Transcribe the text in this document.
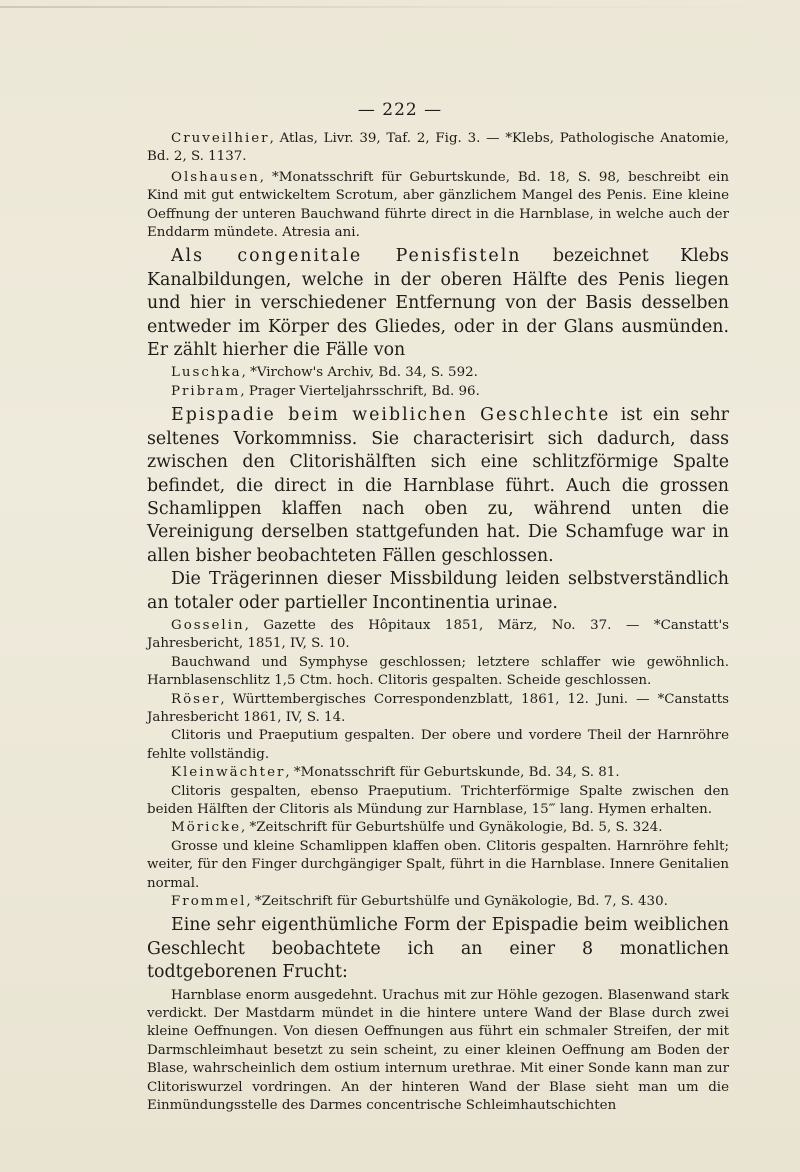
— 222 —

Cruveilhier, Atlas, Livr. 39, Taf. 2, Fig. 3. — *Klebs, Pathologische Anatomie, Bd. 2, S. 1137.

Olshausen, *Monatsschrift für Geburtskunde, Bd. 18, S. 98, beschreibt ein Kind mit gut entwickeltem Scrotum, aber gänzlichem Mangel des Penis. Eine kleine Oeffnung der unteren Bauchwand führte direct in die Harnblase, in welche auch der Enddarm mündete. Atresia ani.

Als congenitale Penisfisteln bezeichnet Klebs Kanalbildungen, welche in der oberen Hälfte des Penis liegen und hier in verschiedener Entfernung von der Basis desselben entweder im Körper des Gliedes, oder in der Glans ausmünden. Er zählt hierher die Fälle von

Luschka, *Virchow's Archiv, Bd. 34, S. 592.

Pribram, Prager Vierteljahrsschrift, Bd. 96.

Epispadie beim weiblichen Geschlechte ist ein sehr seltenes Vorkommniss. Sie characterisirt sich dadurch, dass zwischen den Clitorishälften sich eine schlitzförmige Spalte befindet, die direct in die Harnblase führt. Auch die grossen Schamlippen klaffen nach oben zu, während unten die Vereinigung derselben stattgefunden hat. Die Schamfuge war in allen bisher beobachteten Fällen geschlossen.

Die Trägerinnen dieser Missbildung leiden selbstverständlich an totaler oder partieller Incontinentia urinae.

Gosselin, Gazette des Hôpitaux 1851, März, No. 37. — *Canstatt's Jahresbericht, 1851, IV, S. 10.

Bauchwand und Symphyse geschlossen; letztere schlaffer wie gewöhnlich. Harnblasenschlitz 1,5 Ctm. hoch. Clitoris gespalten. Scheide geschlossen.

Röser, Württembergisches Correspondenzblatt, 1861, 12. Juni. — *Canstatts Jahresbericht 1861, IV, S. 14.

Clitoris und Praeputium gespalten. Der obere und vordere Theil der Harnröhre fehlte vollständig.

Kleinwächter, *Monatsschrift für Geburtskunde, Bd. 34, S. 81.

Clitoris gespalten, ebenso Praeputium. Trichterförmige Spalte zwischen den beiden Hälften der Clitoris als Mündung zur Harnblase, 15‴ lang. Hymen erhalten.

Möricke, *Zeitschrift für Geburtshülfe und Gynäkologie, Bd. 5, S. 324.

Grosse und kleine Schamlippen klaffen oben. Clitoris gespalten. Harnröhre fehlt; weiter, für den Finger durchgängiger Spalt, führt in die Harnblase. Innere Genitalien normal.

Frommel, *Zeitschrift für Geburtshülfe und Gynäkologie, Bd. 7, S. 430.

Eine sehr eigenthümliche Form der Epispadie beim weiblichen Geschlecht beobachtete ich an einer 8 monatlichen todtgeborenen Frucht:

Harnblase enorm ausgedehnt. Urachus mit zur Höhle gezogen. Blasenwand stark verdickt. Der Mastdarm mündet in die hintere untere Wand der Blase durch zwei kleine Oeffnungen. Von diesen Oeffnungen aus führt ein schmaler Streifen, der mit Darmschleimhaut besetzt zu sein scheint, zu einer kleinen Oeffnung am Boden der Blase, wahrscheinlich dem ostium internum urethrae. Mit einer Sonde kann man zur Clitoriswurzel vordringen. An der hinteren Wand der Blase sieht man um die Einmündungsstelle des Darmes concentrische Schleimhautschichten
